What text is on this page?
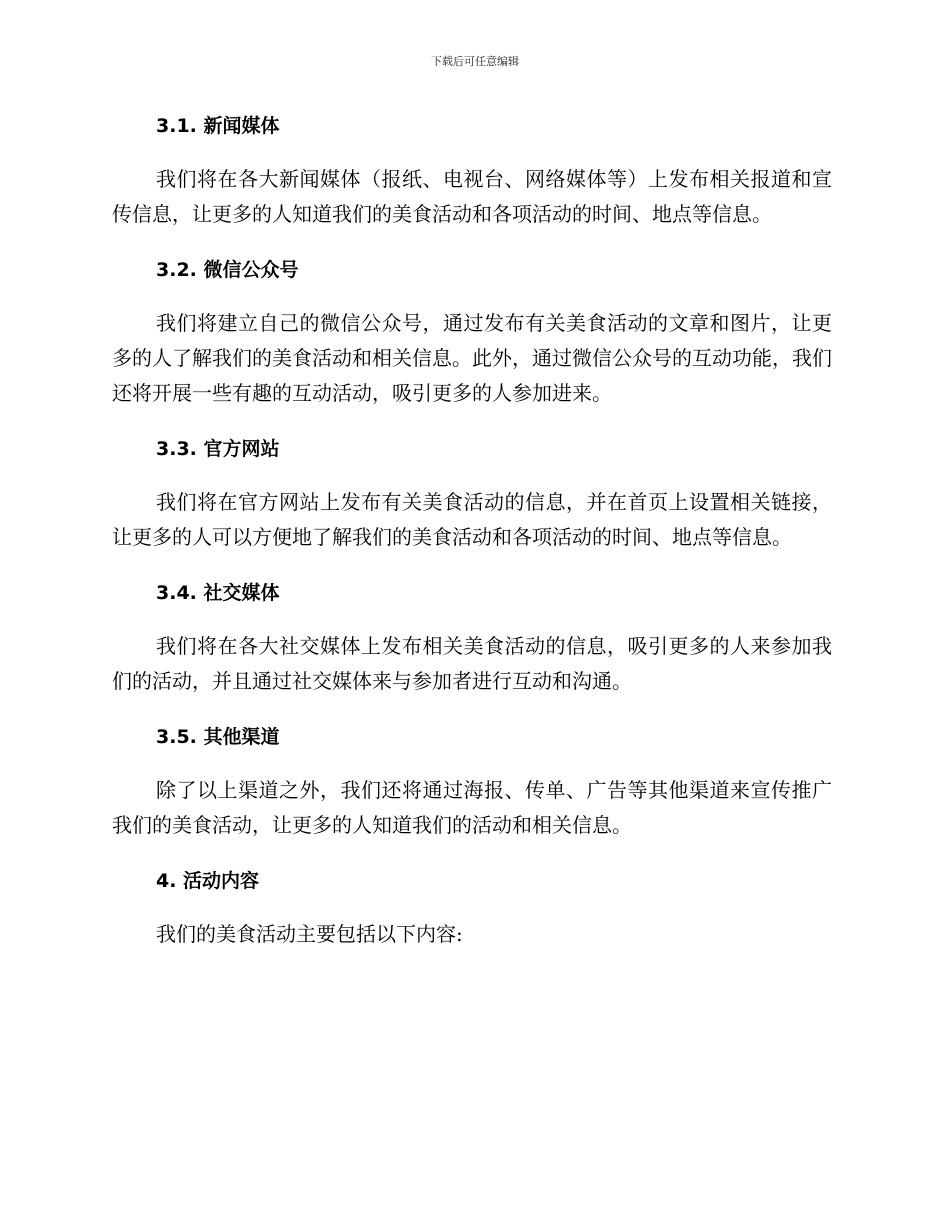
下载后可任意编辑
3.1. 新闻媒体

我们将在各大新闻媒体（报纸、电视台、网络媒体等）上发布相关报道和宣传信息，让更多的人知道我们的美食活动和各项活动的时间、地点等信息。

3.2. 微信公众号

我们将建立自己的微信公众号，通过发布有关美食活动的文章和图片，让更多的人了解我们的美食活动和相关信息。此外，通过微信公众号的互动功能，我们还将开展一些有趣的互动活动，吸引更多的人参加进来。

3.3. 官方网站

我们将在官方网站上发布有关美食活动的信息，并在首页上设置相关链接，让更多的人可以方便地了解我们的美食活动和各项活动的时间、地点等信息。

3.4. 社交媒体

我们将在各大社交媒体上发布相关美食活动的信息，吸引更多的人来参加我们的活动，并且通过社交媒体来与参加者进行互动和沟通。

3.5. 其他渠道

除了以上渠道之外，我们还将通过海报、传单、广告等其他渠道来宣传推广我们的美食活动，让更多的人知道我们的活动和相关信息。

4. 活动内容

我们的美食活动主要包括以下内容:
